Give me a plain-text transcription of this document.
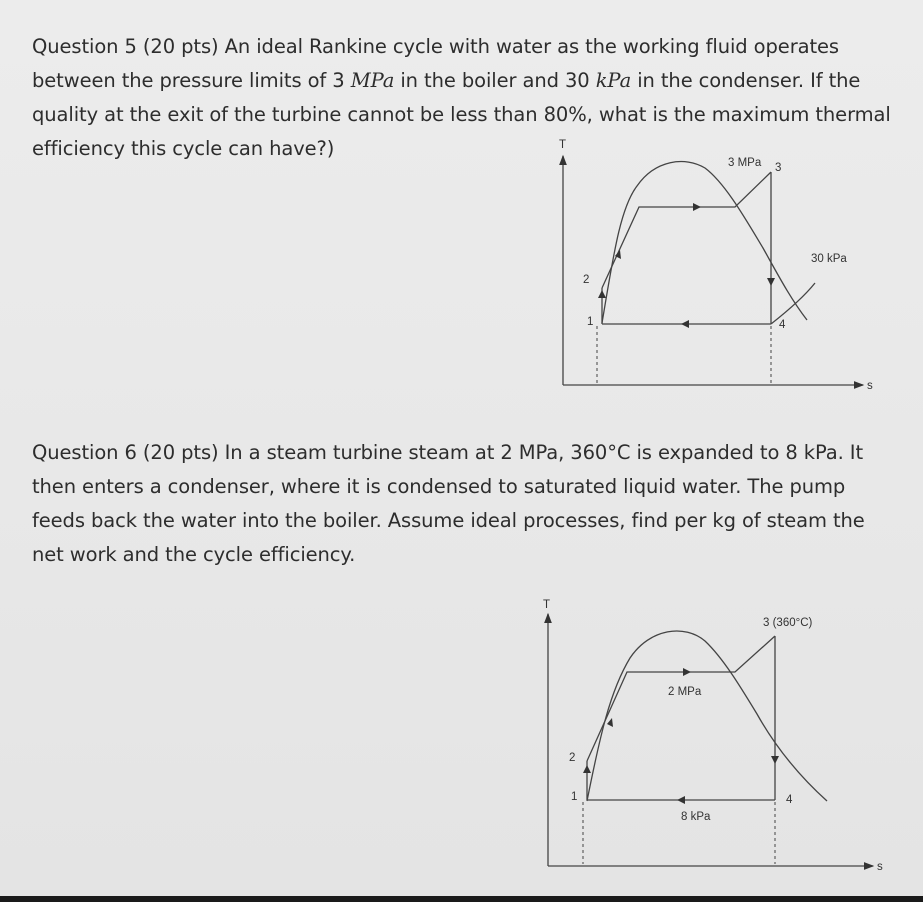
Question 5 (20 pts) An ideal Rankine cycle with water as the working fluid operates between the pressure limits of 3 MPa in the boiler and 30 kPa in the condenser. If the quality at the exit of the turbine cannot be less than 80%, what is the maximum thermal efficiency this cycle can have?)	T
s
3 MPa 3
30 kPa
2
1	4

Question 6 (20 pts) In a steam turbine steam at 2 MPa, 360°C is expanded to 8 kPa. It then enters a condenser, where it is condensed to saturated liquid water. The pump feeds back the water into the boiler. Assume ideal processes, find per kg of steam the net work and the cycle efficiency.

T
s
3 (360°C)
2 MPa
8 kPa
2
1	4
